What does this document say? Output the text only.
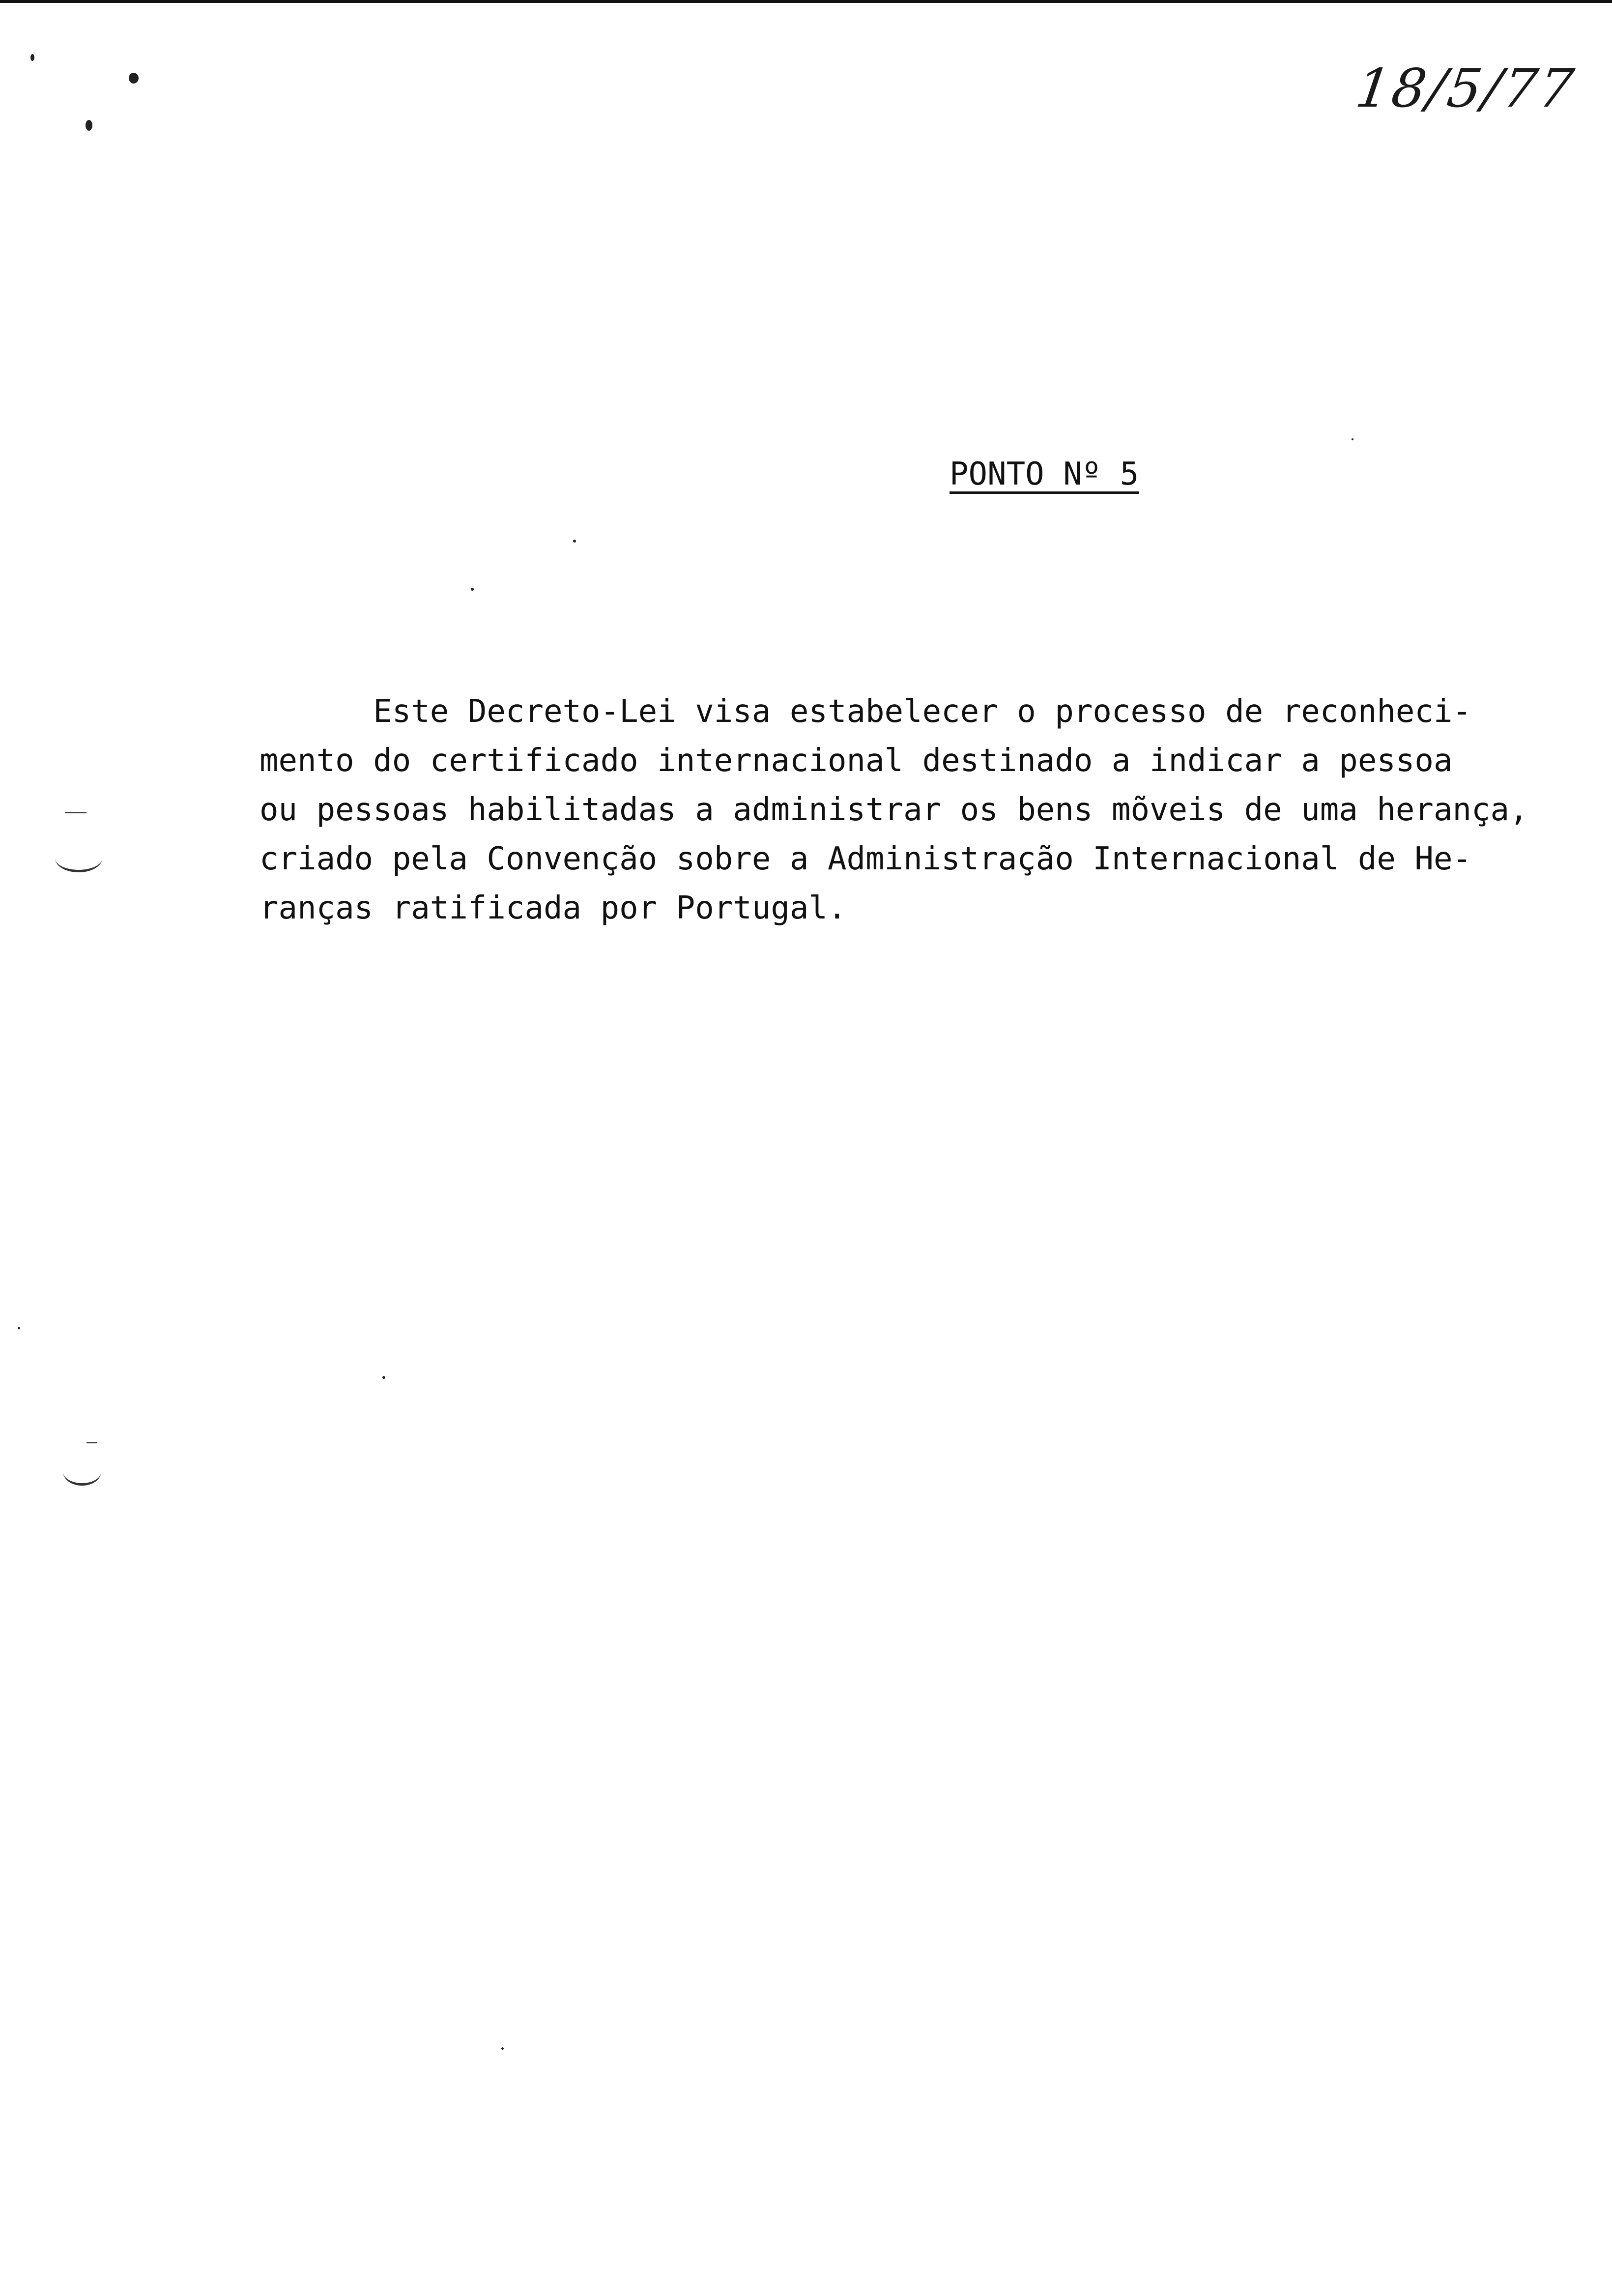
18/5/77
PONTO Nº 5
Este Decreto-Lei visa estabelecer o processo de reconheci-
mento do certificado internacional destinado a indicar a pessoa
ou pessoas habilitadas a administrar os bens mõveis de uma herança,
criado pela Convenção sobre a Administração Internacional de He-
ranças ratificada por Portugal.
